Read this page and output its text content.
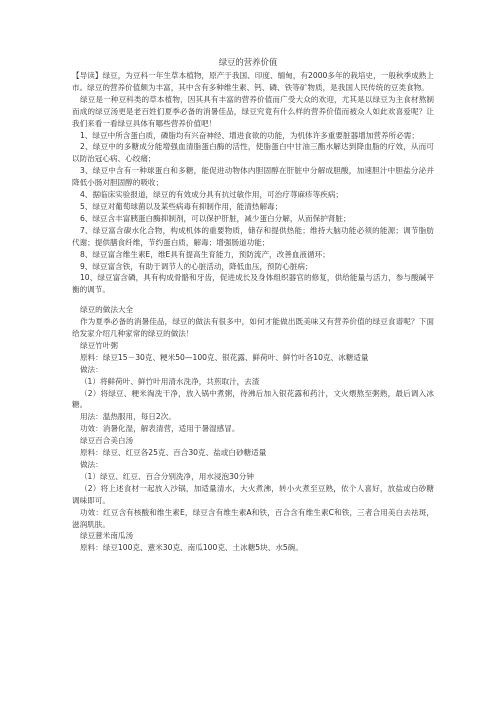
绿豆的营养价值

【导读】绿豆，为豆科一年生草本植物，原产于我国、印度、缅甸，有2000多年的栽培史，一般秋季成熟上市。绿豆的营养价值颇为丰富，其中含有多种维生素、钙、磷、铁等矿物质，是我国人民传统的豆类食物。

绿豆是一种豆科类的草本植物，因其具有丰富的营养价值而广受大众的欢迎，尤其是以绿豆为主食材熬制而成的绿豆汤更是老百姓们夏季必备的消暑佳品，绿豆究竟有什么样的营养价值而被众人如此欢喜爱呢？让我们来看一看绿豆具体有哪些营养价值吧！

1、绿豆中所含蛋白质，磷脂均有兴奋神经、增进食欲的功能，为机体许多重要脏器增加营养所必需；

2、绿豆中的多糖成分能增强血清脂蛋白酶的活性，使脂蛋白中甘油三酯水解达到降血脂的疗效，从而可以防治冠心病、心绞痛；

3、绿豆中含有一种球蛋白和多糖，能促进动物体内胆固醇在肝脏中分解成胆酸，加速胆汁中胆盐分泌并降低小肠对胆固醇的吸收；

4、据临床实验报道，绿豆的有效成分具有抗过敏作用，可治疗荨麻疹等疾病；

5、绿豆对葡萄球菌以及某些病毒有抑制作用，能清热解毒；

6、绿豆含丰富胰蛋白酶抑制剂，可以保护肝脏，减少蛋白分解，从而保护肾脏；

7、绿豆富含碳水化合物，构成机体的重要物质，储存和提供热能；维持大脑功能必须的能源；调节脂肪代谢；提供膳食纤维，节约蛋白质，解毒；增强肠道功能；

8、绿豆富含维生素E，维E具有提高生育能力，预防流产，改善血液循环；

9、绿豆富含铁，有助于调节人的心脏活动，降低血压，预防心脏病；

10、绿豆富含磷，具有构成骨骼和牙齿，促进成长及身体组织器官的修复，供给能量与活力，参与酸碱平衡的调节。

绿豆的做法大全

作为夏季必备的消暑佳品，绿豆的做法有很多中，如何才能做出既美味又有营养价值的绿豆食谱呢？下面给发家介绍几种家常的绿豆的做法！

绿豆竹叶粥

原料：绿豆15－30克、粳米50—100克、银花露、鲜荷叶、鲜竹叶各10克、冰糖适量

做法：

（1）将鲜荷叶、鲜竹叶用清水洗净，共煎取汁，去渣

（2）将绿豆、粳米淘洗干净，放入锅中煮粥，待沸后加入银花露和药汁，文火煨熬至粥熟，最后调入冰糖。

用法：温热服用，每日2次。

功效：消暑化湿，解表清营，适用于暑湿感冒。

绿豆百合美白汤

原料：绿豆、红豆各25克、百合30克、盐或白砂糖适量

做法：

（1）绿豆、红豆、百合分别洗净，用水浸泡30分钟

（2）将上述食材一起放入沙锅，加适量清水，大火煮沸，转小火煮至豆熟，依个人喜好，放盐或白砂糖调味即可。

功效：红豆含有核酸和维生素E，绿豆含有维生素A和铁，百合含有维生素C和铁，三者合用美白去祛斑，滋润肌肤。

绿豆薏米南瓜汤

原料：绿豆100克、薏米30克、南瓜100克、土冰糖5块、水5碗。
